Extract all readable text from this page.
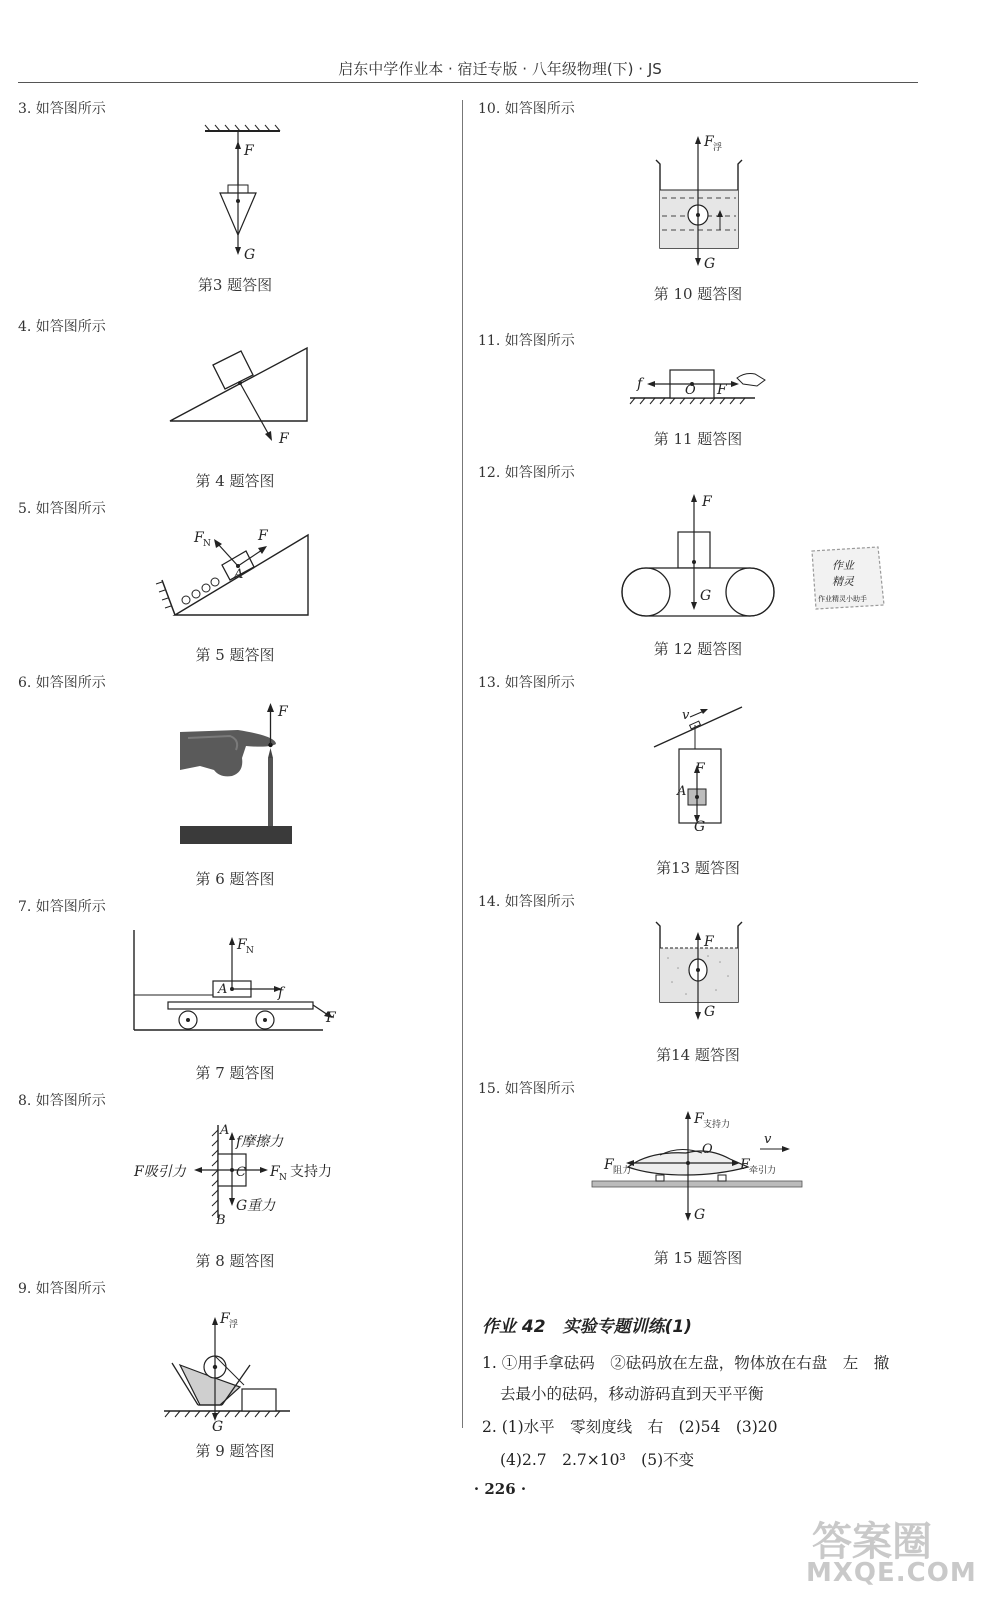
启东中学作业本 · 宿迁专版 · 八年级物理(下) · JS
3. 如答图所示
F
G
第3 题答图
4. 如答图所示
F
第 4 题答图
5. 如答图所示
F N	F
A
第 5 题答图
6. 如答图所示
F
第 6 题答图
7. 如答图所示
F N
A	f
F
第 7 题答图
8. 如答图所示
A
f摩擦力
F吸引力	C F N 支持力
G重力
B
第 8 题答图
9. 如答图所示
F 浮
G
第 9 题答图
10. 如答图所示
F 浮
G
第 10 题答图
11. 如答图所示
f	O F
第 11 题答图
12. 如答图所示
F
G
第 12 题答图
作业
精灵
作业精灵小助手
13. 如答图所示
v
F
A
G
第13 题答图
14. 如答图所示
F
G
第14 题答图
15. 如答图所示
F 支持力
v
O
F 阻力	F 牵引力
G
第 15 题答图
作业 42　实验专题训练(1)
1. ①用手拿砝码　②砝码放在左盘，物体放在右盘　左　撤
去最小的砝码，移动游码直到天平平衡
2. (1)水平　零刻度线　右　(2)54　(3)20
(4)2.7　2.7×10³　(5)不变
· 226 ·
答案圈
MXQE.COM
